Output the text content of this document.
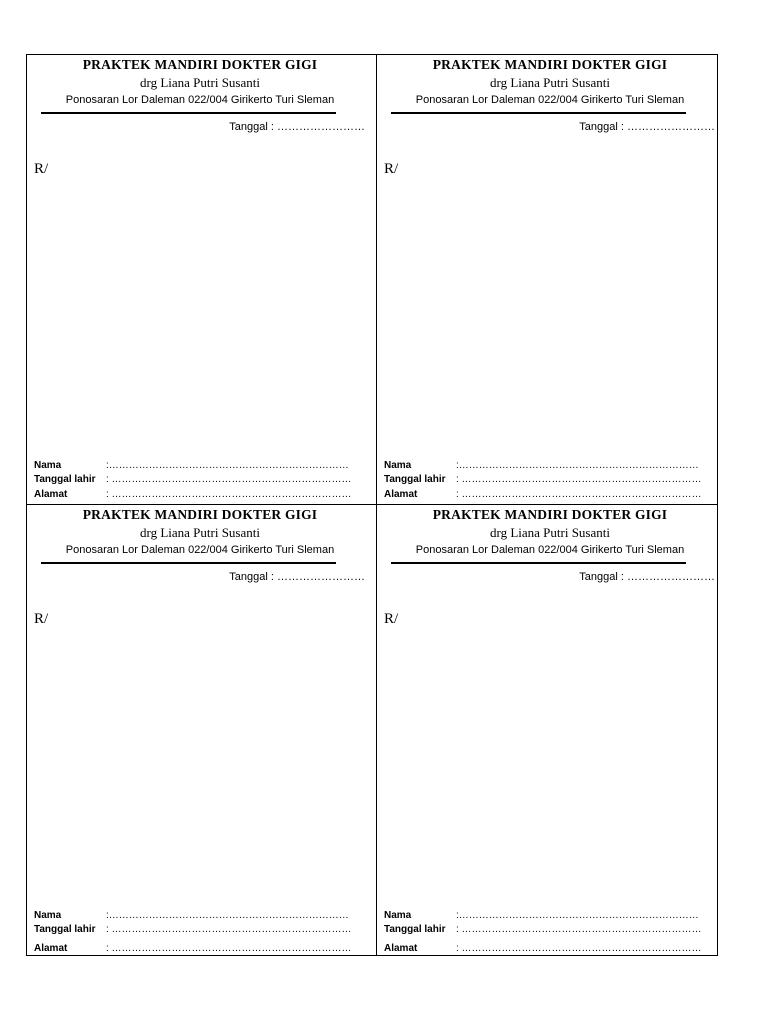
PRAKTEK MANDIRI DOKTER GIGI
drg Liana Putri Susanti
Ponosaran Lor Daleman 022/004 Girikerto Turi Sleman
Tanggal : ……………………
R/
Nama	:………………………………………………………………
Tanggal lahir : ………………………………………………………………
Alamat	: ………………………………………………………………
PRAKTEK MANDIRI DOKTER GIGI
drg Liana Putri Susanti
Ponosaran Lor Daleman 022/004 Girikerto Turi Sleman
Tanggal : ……………………
R/
Nama	:………………………………………………………………
Tanggal lahir : ………………………………………………………………
Alamat	: ………………………………………………………………
PRAKTEK MANDIRI DOKTER GIGI
drg Liana Putri Susanti
Ponosaran Lor Daleman 022/004 Girikerto Turi Sleman
Tanggal : ……………………
R/
Nama	:………………………………………………………………
Tanggal lahir : ………………………………………………………………
Alamat	: ………………………………………………………………
PRAKTEK MANDIRI DOKTER GIGI
drg Liana Putri Susanti
Ponosaran Lor Daleman 022/004 Girikerto Turi Sleman
Tanggal : ……………………
R/
Nama	:………………………………………………………………
Tanggal lahir : ………………………………………………………………
Alamat	: ………………………………………………………………
